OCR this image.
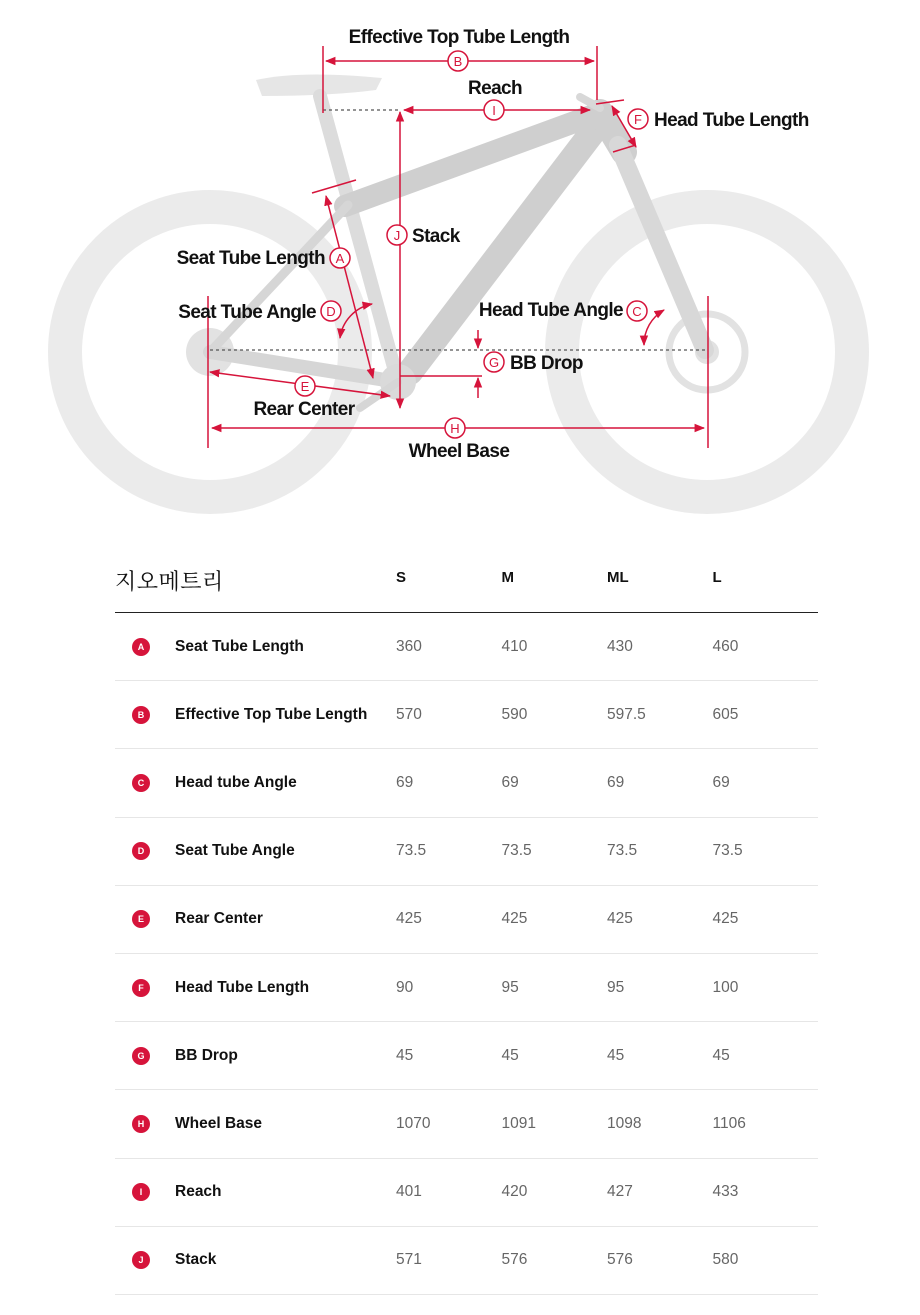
B
I
F
J
A
D	C
G
E
H
Effective Top Tube Length
Reach
Head Tube Length
Stack
Seat Tube Length
Seat Tube Angle	Head Tube Angle
BB Drop
Rear Center
Wheel Base
지오메트리	S	M	ML	L
A	Seat Tube Length	360	410	430	460
B	Effective Top Tube Length	570	590	597.5	605
C	Head tube Angle	69	69	69	69
D	Seat Tube Angle	73.5	73.5	73.5	73.5
E	Rear Center	425	425	425	425
F	Head Tube Length	90	95	95	100
G	BB Drop	45	45	45	45
H	Wheel Base	1070	1091	1098	1106
I	Reach	401	420	427	433
J	Stack	571	576	576	580
